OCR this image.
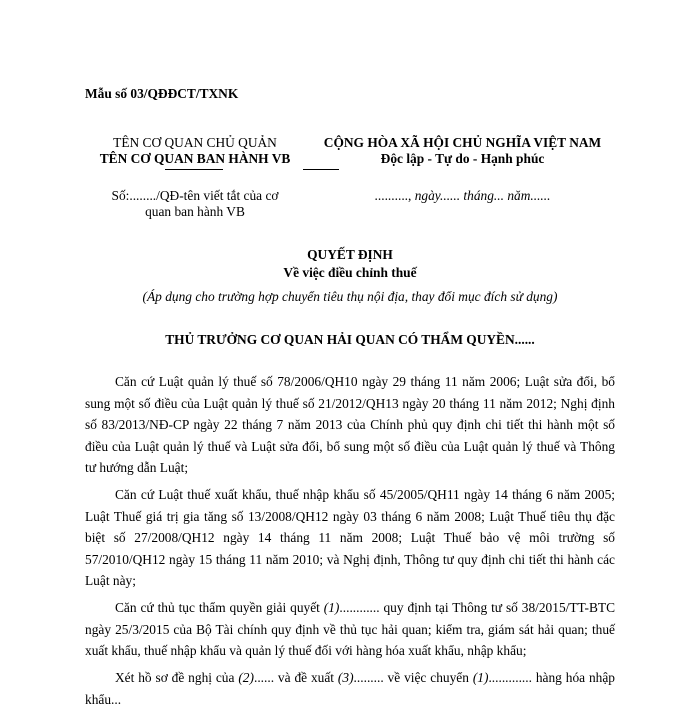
Mẫu số 03/QĐĐCT/TXNK
TÊN CƠ QUAN CHỦ QUẢN
TÊN CƠ QUAN BAN HÀNH VB
Số:......../QĐ-tên viết tắt của cơ
quan ban hành VB
CỘNG HÒA XÃ HỘI CHỦ NGHĨA VIỆT NAM
Độc lập - Tự do - Hạnh phúc
.........., ngày...... tháng... năm......
QUYẾT ĐỊNH
Về việc điều chỉnh thuế
(Áp dụng cho trường hợp chuyển tiêu thụ nội địa, thay đổi mục đích sử dụng)
THỦ TRƯỞNG CƠ QUAN HẢI QUAN CÓ THẨM QUYỀN......
Căn cứ Luật quản lý thuế số 78/2006/QH10 ngày 29 tháng 11 năm 2006; Luật sửa đổi, bổ sung một số điều của Luật quản lý thuế số 21/2012/QH13 ngày 20 tháng 11 năm 2012; Nghị định số 83/2013/NĐ-CP ngày 22 tháng 7 năm 2013 của Chính phủ quy định chi tiết thi hành một số điều của Luật quản lý thuế và Luật sửa đổi, bổ sung một số điều của Luật quản lý thuế và Thông tư hướng dẫn Luật;
Căn cứ Luật thuế xuất khẩu, thuế nhập khẩu số 45/2005/QH11 ngày 14 tháng 6 năm 2005; Luật Thuế giá trị gia tăng số 13/2008/QH12 ngày 03 tháng 6 năm 2008; Luật Thuế tiêu thụ đặc biệt số 27/2008/QH12 ngày 14 tháng 11 năm 2008; Luật Thuế bảo vệ môi trường số 57/2010/QH12 ngày 15 tháng 11 năm 2010; và Nghị định, Thông tư quy định chi tiết thi hành các Luật này;
Căn cứ thủ tục thẩm quyền giải quyết (1)............ quy định tại Thông tư số 38/2015/TT-BTC ngày 25/3/2015 của Bộ Tài chính quy định về thủ tục hải quan; kiểm tra, giám sát hải quan; thuế xuất khẩu, thuế nhập khẩu và quản lý thuế đối với hàng hóa xuất khẩu, nhập khẩu;
Xét hồ sơ đề nghị của (2)...... và đề xuất (3)......... về việc chuyển (1)............. hàng hóa nhập khẩu...
